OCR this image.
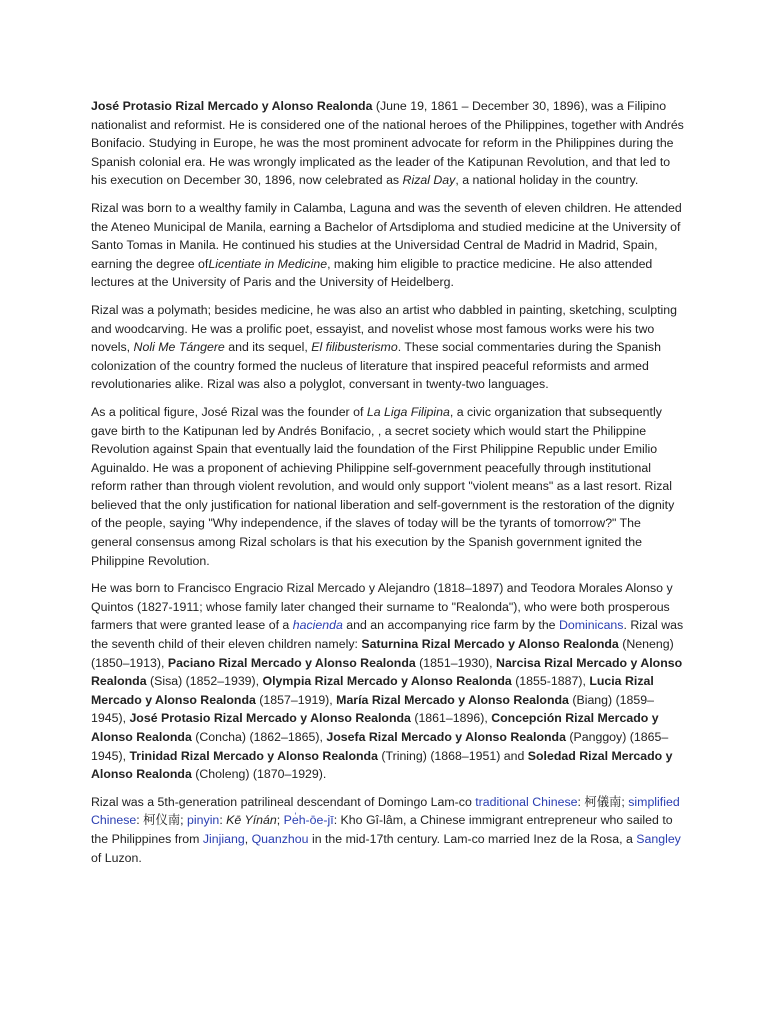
José Protasio Rizal Mercado y Alonso Realonda (June 19, 1861 – December 30, 1896), was a Filipino nationalist and reformist. He is considered one of the national heroes of the Philippines, together with Andrés Bonifacio. Studying in Europe, he was the most prominent advocate for reform in the Philippines during the Spanish colonial era. He was wrongly implicated as the leader of the Katipunan Revolution, and that led to his execution on December 30, 1896, now celebrated as Rizal Day, a national holiday in the country.

Rizal was born to a wealthy family in Calamba, Laguna and was the seventh of eleven children. He attended the Ateneo Municipal de Manila, earning a Bachelor of Artsdiploma and studied medicine at the University of Santo Tomas in Manila. He continued his studies at the Universidad Central de Madrid in Madrid, Spain, earning the degree ofLicentiate in Medicine, making him eligible to practice medicine. He also attended lectures at the University of Paris and the University of Heidelberg.

Rizal was a polymath; besides medicine, he was also an artist who dabbled in painting, sketching, sculpting and woodcarving. He was a prolific poet, essayist, and novelist whose most famous works were his two novels, Noli Me Tángere and its sequel, El filibusterismo. These social commentaries during the Spanish colonization of the country formed the nucleus of literature that inspired peaceful reformists and armed revolutionaries alike. Rizal was also a polyglot, conversant in twenty-two languages.

As a political figure, José Rizal was the founder of La Liga Filipina, a civic organization that subsequently gave birth to the Katipunan led by Andrés Bonifacio, , a secret society which would start the Philippine Revolution against Spain that eventually laid the foundation of the First Philippine Republic under Emilio Aguinaldo. He was a proponent of achieving Philippine self-government peacefully through institutional reform rather than through violent revolution, and would only support "violent means" as a last resort. Rizal believed that the only justification for national liberation and self-government is the restoration of the dignity of the people, saying "Why independence, if the slaves of today will be the tyrants of tomorrow?" The general consensus among Rizal scholars is that his execution by the Spanish government ignited the Philippine Revolution.

He was born to Francisco Engracio Rizal Mercado y Alejandro (1818–1897) and Teodora Morales Alonso y Quintos (1827-1911; whose family later changed their surname to "Realonda"), who were both prosperous farmers that were granted lease of a hacienda and an accompanying rice farm by the Dominicans. Rizal was the seventh child of their eleven children namely: Saturnina Rizal Mercado y Alonso Realonda (Neneng) (1850–1913), Paciano Rizal Mercado y Alonso Realonda (1851–1930), Narcisa Rizal Mercado y Alonso Realonda (Sisa) (1852–1939), Olympia Rizal Mercado y Alonso Realonda (1855-1887), Lucia Rizal Mercado y Alonso Realonda (1857–1919), María Rizal Mercado y Alonso Realonda (Biang) (1859–1945), José Protasio Rizal Mercado y Alonso Realonda (1861–1896), Concepción Rizal Mercado y Alonso Realonda (Concha) (1862–1865), Josefa Rizal Mercado y Alonso Realonda (Panggoy) (1865–1945), Trinidad Rizal Mercado y Alonso Realonda (Trining) (1868–1951) and Soledad Rizal Mercado y Alonso Realonda (Choleng) (1870–1929).

Rizal was a 5th-generation patrilineal descendant of Domingo Lam-co traditional Chinese: 柯儀南; simplified Chinese: 柯仪南; pinyin: Kē Yínán; Pe̍h-ōe-jī: Kho Gî-lâm, a Chinese immigrant entrepreneur who sailed to the Philippines from Jinjiang, Quanzhou in the mid-17th century. Lam-co married Inez de la Rosa, a Sangley of Luzon.
